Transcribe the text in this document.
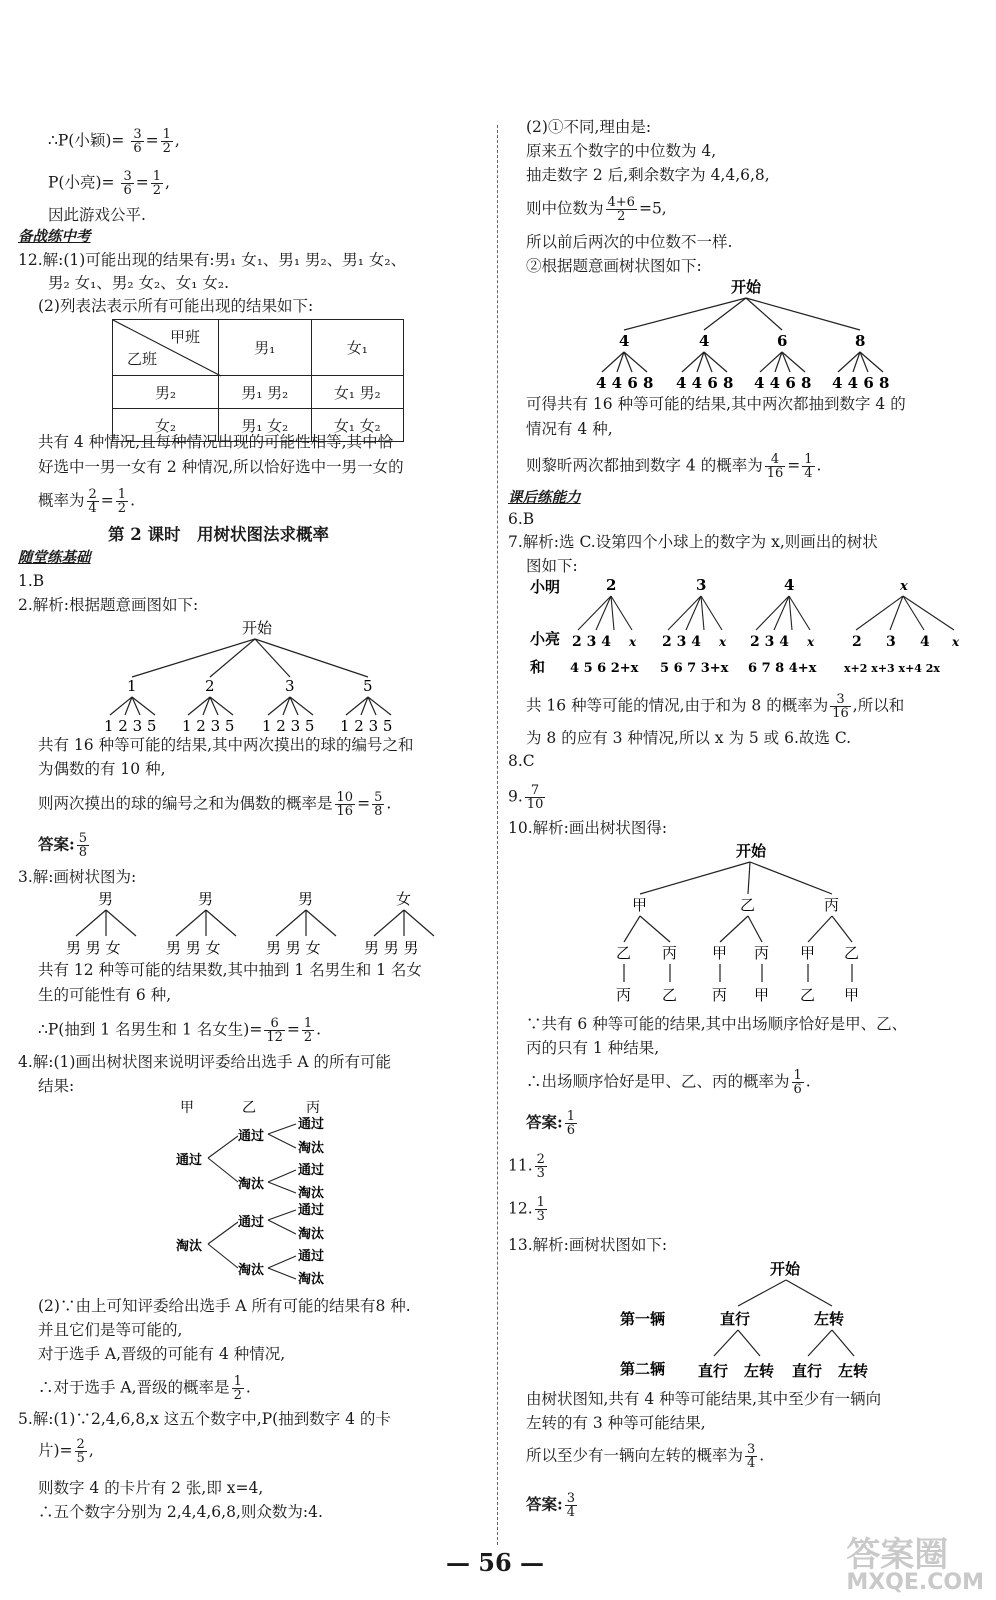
∴P(小颖)= $\frac{3}{6} = \frac{1}{2}$ ,
P(小亮)= $\frac{3}{6} = \frac{1}{2}$ ,
因此游戏公平.
备战练中考
12.解:(1)可能出现的结果有:男₁ 女₁、男₁ 男₂、男₁ 女₂、
男₂ 女₁、男₂ 女₂、女₁ 女₂.
(2)列表法表示所有可能出现的结果如下:
甲班
乙班	男₁	女₁
男₂	男₁ 男₂	女₁ 男₂
女₂	男₁ 女₂	女₁ 女₂
共有 4 种情况,且每种情况出现的可能性相等,其中恰
好选中一男一女有 2 种情况,所以恰好选中一男一女的
概率为 $\frac{2}{4} = \frac{1}{2}$ .
第 2 课时　用树状图法求概率
随堂练基础
1.B
2.解析:根据题意画图如下:
开始
1	2	3	5
1 2 3 5 1 2 3 5 1 2 3 5 1 2 3 5
共有 16 种等可能的结果,其中两次摸出的球的编号之和
为偶数的有 10 种,
则两次摸出的球的编号之和为偶数的概率是 $\frac{10}{16} = \frac{5}{8}$ .
答案: $\frac{5}{8}$
3.解:画树状图为:
男	男	男	女
男 男 女	男 男 女	男 男 女	男 男 男
共有 12 种等可能的结果数,其中抽到 1 名男生和 1 名女
生的可能性有 6 种,
∴P(抽到 1 名男生和 1 名女生)= $\frac{6}{12} = \frac{1}{2}$ .
4.解:(1)画出树状图来说明评委给出选手 A 的所有可能
结果:
甲	乙	丙
通过
淘汰
通过
淘汰
通过
淘汰
通过
淘汰
通过
淘汰
通过
淘汰
通过
淘汰
(2)∵由上可知评委给出选手 A 所有可能的结果有8 种.
并且它们是等可能的,
对于选手 A,晋级的可能有 4 种情况,
∴对于选手 A,晋级的概率是 $\frac{1}{2}$ .
5.解:(1)∵2,4,6,8,x 这五个数字中,P(抽到数字 4 的卡
片)= $\frac{2}{5}$ ,
则数字 4 的卡片有 2 张,即 x=4,
∴五个数字分别为 2,4,4,6,8,则众数为:4.
(2)①不同,理由是:
原来五个数字的中位数为 4,
抽走数字 2 后,剩余数字为 4,4,6,8,
则中位数为 $\frac{4+6}{2} =5$,
所以前后两次的中位数不一样.
②根据题意画树状图如下:
开始
4	4	6	8
4 4 6 8 4 4 6 8 4 4 6 8 4 4 6 8
可得共有 16 种等可能的结果,其中两次都抽到数字 4 的
情况有 4 种,
则黎昕两次都抽到数字 4 的概率为 $\frac{4}{16} = \frac{1}{4}$ .
课后练能力
6.B
7.解析:选 C.设第四个小球上的数字为 x,则画出的树状
图如下:
小明
小亮
和
2	3	4	x
2 3 4 x 2 3 4 x 2 3 4 x	2 3 4 x
4 5 6 2+x 5 6 7 3+x 6 7 8 4+x	x+2 x+3 x+4 2x
共 16 种等可能的情况,由于和为 8 的概率为 $\frac{3}{16}$ ,所以和
为 8 的应有 3 种情况,所以 x 为 5 或 6.故选 C.
8.C
9. $\frac{7}{10}$
10.解析:画出树状图得:
开始
甲	乙	丙
乙 丙 甲 丙 甲 乙
丙 乙 丙 甲 乙 甲
∵共有 6 种等可能的结果,其中出场顺序恰好是甲、乙、
丙的只有 1 种结果,
∴出场顺序恰好是甲、乙、丙的概率为 $\frac{1}{6}$ .
答案: $\frac{1}{6}$
11. $\frac{2}{3}$
12. $\frac{1}{3}$
13.解析:画树状图如下:
开始
第一辆
第二辆
直行	左转
直行 左转 直行 左转
由树状图知,共有 4 种等可能结果,其中至少有一辆向
左转的有 3 种等可能结果,
所以至少有一辆向左转的概率为 $\frac{3}{4}$ .
答案: $\frac{3}{4}$
— 56 —	答案圈
MXQE.COM
